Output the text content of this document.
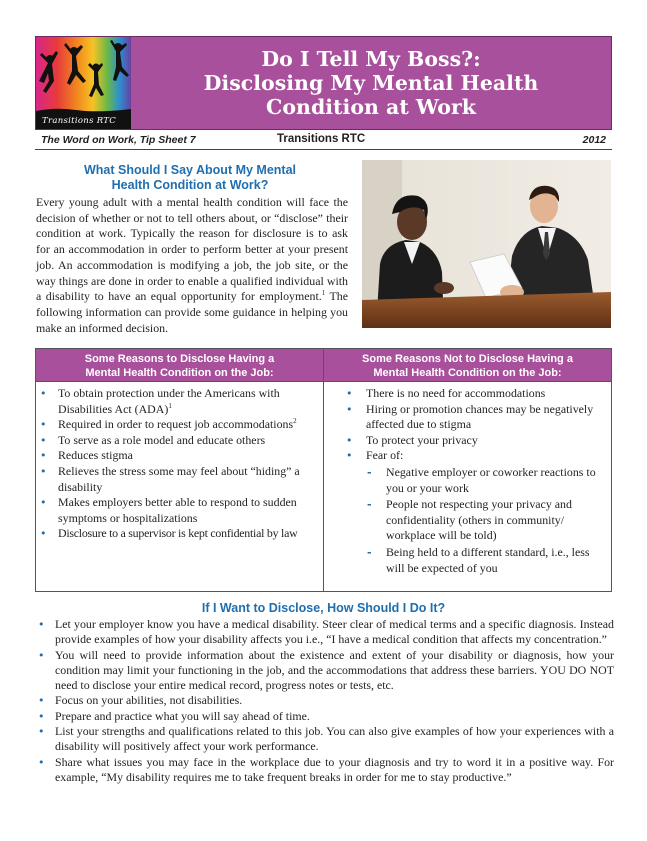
Transitions RTC
Do I Tell My Boss?:
Disclosing My Mental Health
Condition at Work
The Word on Work, Tip Sheet 7	Transitions RTC	2012
What Should I Say About My Mental
Health Condition at Work?

Every young adult with a mental health condition will face the decision of whether or not to tell others about, or “disclose” their condition at work. Typically the reason for disclosure is to ask for an accommodation in order to perform better at your present job. An accommodation is modifying a job, the job site, or the way things are done in order to enable a qualified individual with a disability to have an equal opportunity for employment.$^1$ The following information can provide some guidance in helping you make an informed decision.

Some Reasons to Disclose Having a
Mental Health Condition on the Job:
• To obtain protection under the Americans with Disabilities Act (ADA)$^1$
• Required in order to request job accommodations$^2$
• To serve as a role model and educate others
• Reduces stigma
• Relieves the stress some may feel about “hiding” a disability
• Makes employers better able to respond to sudden symptoms or hospitalizations
• Disclosure to a supervisor is kept confidential by law
Some Reasons Not to Disclose Having a
Mental Health Condition on the Job:
• There is no need for accommodations
• Hiring or promotion chances may be negatively affected due to stigma
• To protect your privacy
• Fear of:
- Negative employer or coworker reactions to you or your work
- People not respecting your privacy and confidentiality (others in community/ workplace will be told)
- Being held to a different standard, i.e., less will be expected of you
If I Want to Disclose, How Should I Do It?
• Let your employer know you have a medical disability. Steer clear of medical terms and a specific diagnosis. Instead provide examples of how your disability affects you i.e., “I have a medical condition that affects my concentration.”
• You will need to provide information about the existence and extent of your disability or diagnosis, how your condition may limit your functioning in the job, and the accommodations that address these barriers. YOU DO NOT need to disclose your entire medical record, progress notes or tests, etc.
• Focus on your abilities, not disabilities.
• Prepare and practice what you will say ahead of time.
• List your strengths and qualifications related to this job. You can also give examples of how your experiences with a disability will positively affect your work performance.
• Share what issues you may face in the workplace due to your diagnosis and try to word it in a positive way. For example, “My disability requires me to take frequent breaks in order for me to stay productive.”
